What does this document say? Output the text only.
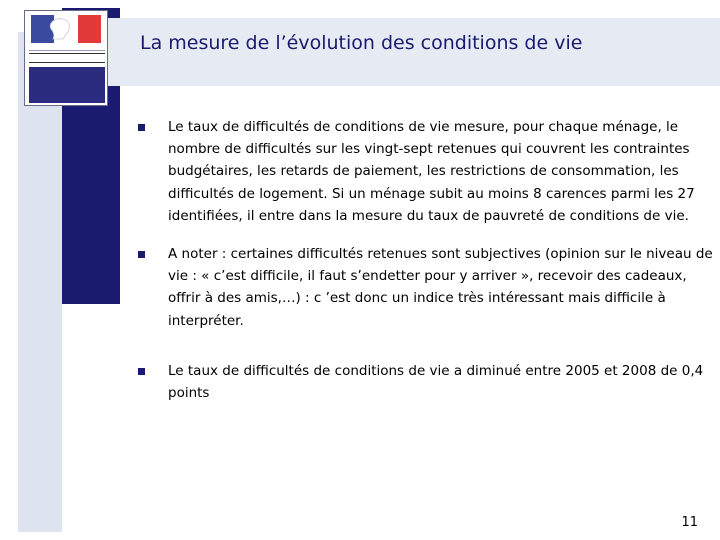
La mesure de l’évolution des conditions de vie

Le taux de difficultés de conditions de vie mesure, pour chaque ménage, le nombre de difficultés sur les vingt-sept retenues qui couvrent les contraintes budgétaires, les retards de paiement, les restrictions de consommation, les difficultés de logement. Si un ménage subit au moins 8 carences parmi les 27 identifiées, il entre dans la mesure du taux de pauvreté de conditions de vie.

A noter : certaines difficultés retenues sont subjectives (opinion sur le niveau de vie : « c’est difficile, il faut s’endetter pour y arriver », recevoir des cadeaux, offrir à des amis,…) : c ’est donc un indice très intéressant mais difficile à interpréter.

Le taux de difficultés de conditions de vie a diminué entre 2005 et 2008 de 0,4 points

11
